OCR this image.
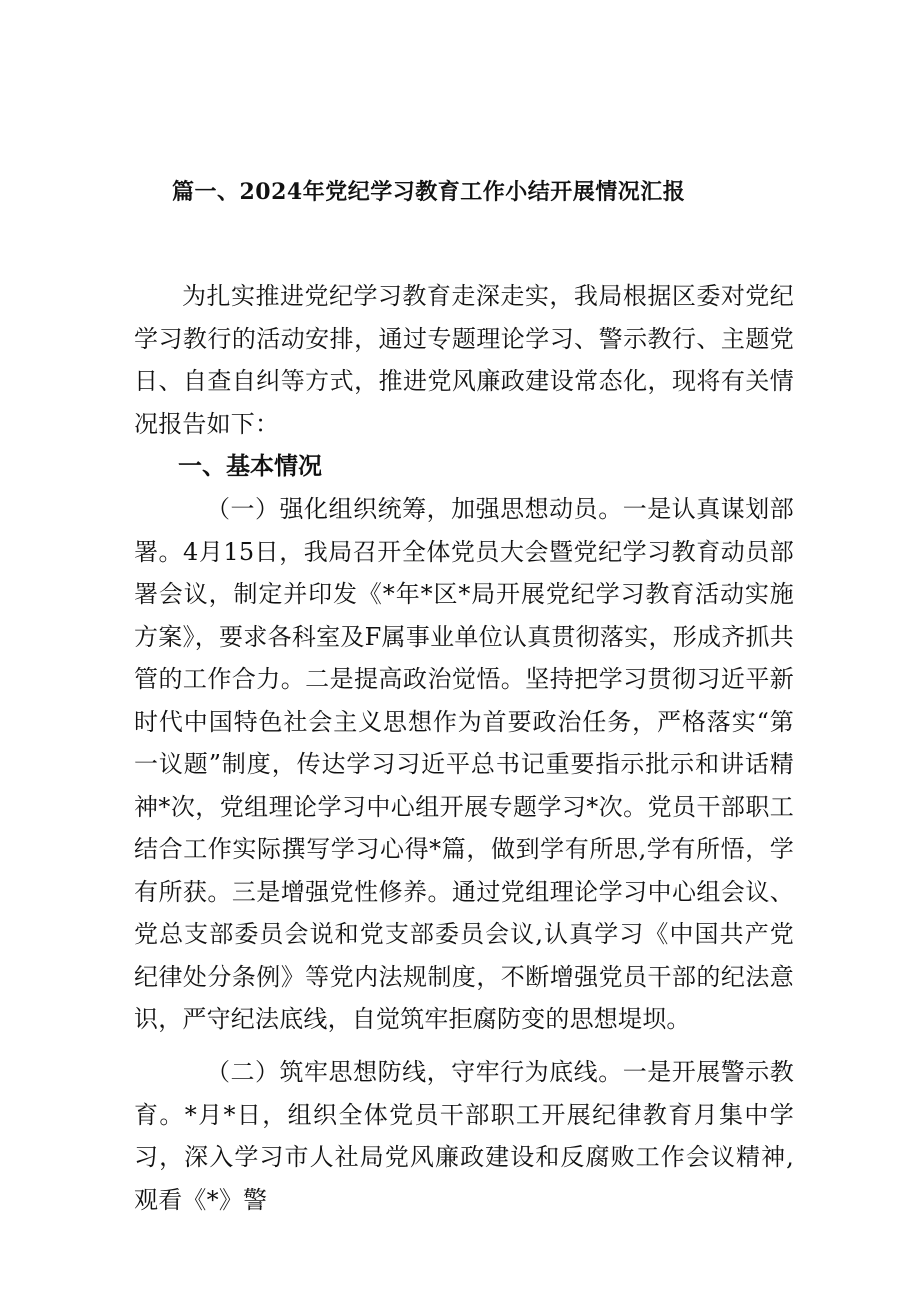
篇一、2024年党纪学习教育工作小结开展情况汇报
为扎实推进党纪学习教育走深走实，我局根据区委对党纪学习教行的活动安排，通过专题理论学习、警示教行、主题党日、自查自纠等方式，推进党风廉政建设常态化，现将有关情况报告如下：
一、基本情况
（一）强化组织统筹，加强思想动员。一是认真谋划部署。4月15日，我局召开全体党员大会暨党纪学习教育动员部署会议，制定并印发《*年*区*局开展党纪学习教育活动实施方案》，要求各科室及F属事业单位认真贯彻落实，形成齐抓共管的工作合力。二是提高政治觉悟。坚持把学习贯彻习近平新时代中国特色社会主义思想作为首要政治任务，严格落实“第一议题”制度，传达学习习近平总书记重要指示批示和讲话精神*次，党组理论学习中心组开展专题学习*次。党员干部职工结合工作实际撰写学习心得*篇，做到学有所思,学有所悟，学有所获。三是增强党性修养。通过党组理论学习中心组会议、党总支部委员会说和党支部委员会议,认真学习《中国共产党纪律处分条例》等党内法规制度，不断增强党员干部的纪法意识，严守纪法底线，自觉筑牢拒腐防变的思想堤坝。
（二）筑牢思想防线，守牢行为底线。一是开展警示教育。*月*日，组织全体党员干部职工开展纪律教育月集中学习，深入学习市人社局党风廉政建设和反腐败工作会议精神,观看《*》警
